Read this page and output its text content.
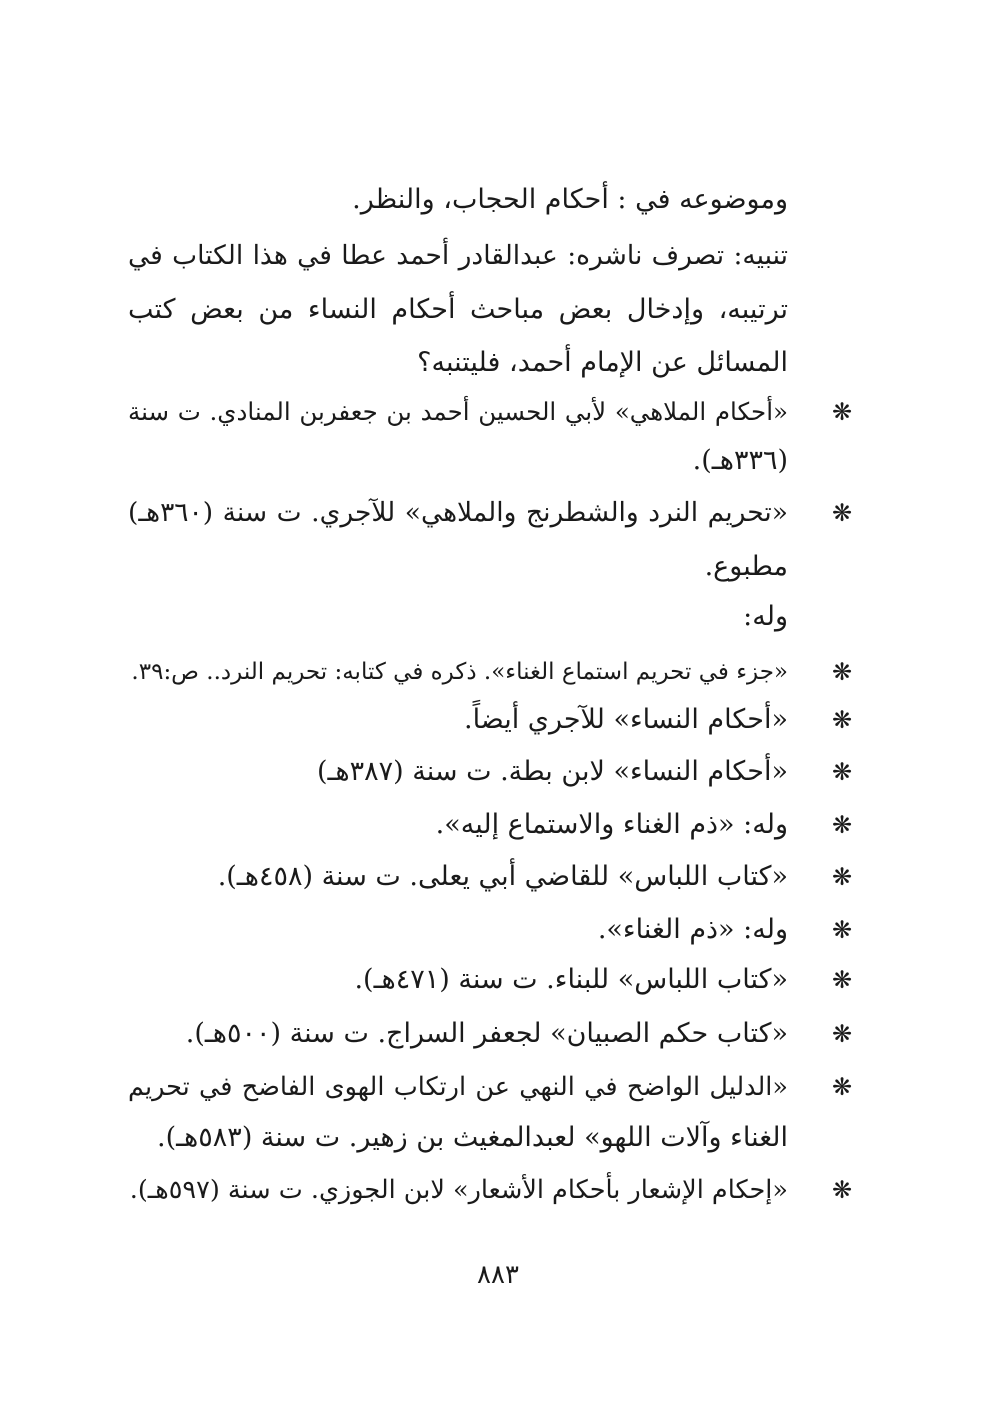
وموضوعه في : أحكام الحجاب، والنظر.
تنبيه: تصرف ناشره: عبدالقادر أحمد عطا في هذا الكتاب في
ترتيبه، وإدخال بعض مباحث أحكام النساء من بعض كتب
المسائل عن الإمام أحمد، فليتنبه؟
❋
«أحكام الملاهي» لأبي الحسين أحمد بن جعفربن المنادي. ت سنة
(٣٣٦هـ).
❋
«تحريم النرد والشطرنج والملاهي» للآجري. ت سنة (٣٦٠هـ)
مطبوع.
وله:
❋
«جزء في تحريم استماع الغناء». ذكره في كتابه: تحريم النرد.. ص:٣٩.
❋
«أحكام النساء» للآجري أيضاً.
❋
«أحكام النساء» لابن بطة. ت سنة (٣٨٧هـ)
❋
وله: «ذم الغناء والاستماع إليه».
❋
«كتاب اللباس» للقاضي أبي يعلى. ت سنة (٤٥٨هـ).
❋
وله: «ذم الغناء».
❋
«كتاب اللباس» للبناء. ت سنة (٤٧١هـ).
❋
«كتاب حكم الصبيان» لجعفر السراج. ت سنة (٥٠٠هـ).
❋
«الدليل الواضح في النهي عن ارتكاب الهوى الفاضح في تحريم
الغناء وآلات اللهو» لعبدالمغيث بن زهير. ت سنة (٥٨٣هـ).
❋
«إحكام الإشعار بأحكام الأشعار» لابن الجوزي. ت سنة (٥٩٧هـ).
٨٨٣
